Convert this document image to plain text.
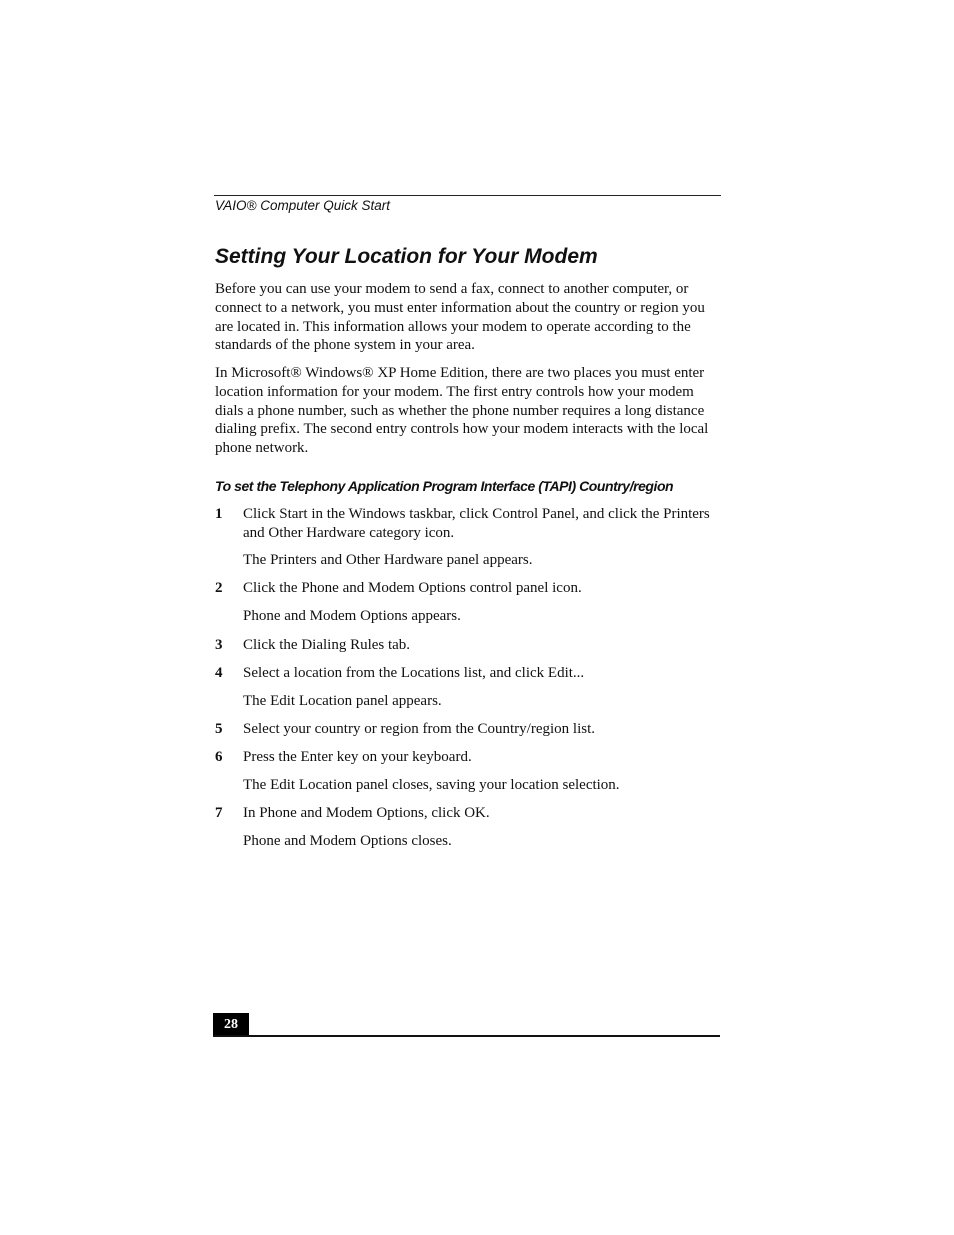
VAIO® Computer Quick Start
Setting Your Location for Your Modem

Before you can use your modem to send a fax, connect to another computer, or connect to a network, you must enter information about the country or region you are located in. This information allows your modem to operate according to the standards of the phone system in your area.

In Microsoft® Windows® XP Home Edition, there are two places you must enter location information for your modem. The first entry controls how your modem dials a phone number, such as whether the phone number requires a long distance dialing prefix. The second entry controls how your modem interacts with the local phone network.

To set the Telephony Application Program Interface (TAPI) Country/region
1 Click Start in the Windows taskbar, click Control Panel, and click the Printers and Other Hardware category icon.
The Printers and Other Hardware panel appears.
2 Click the Phone and Modem Options control panel icon.
Phone and Modem Options appears.
3 Click the Dialing Rules tab.
4 Select a location from the Locations list, and click Edit...
The Edit Location panel appears.
5 Select your country or region from the Country/region list.
6 Press the Enter key on your keyboard.
The Edit Location panel closes, saving your location selection.
7 In Phone and Modem Options, click OK.
Phone and Modem Options closes.
28
